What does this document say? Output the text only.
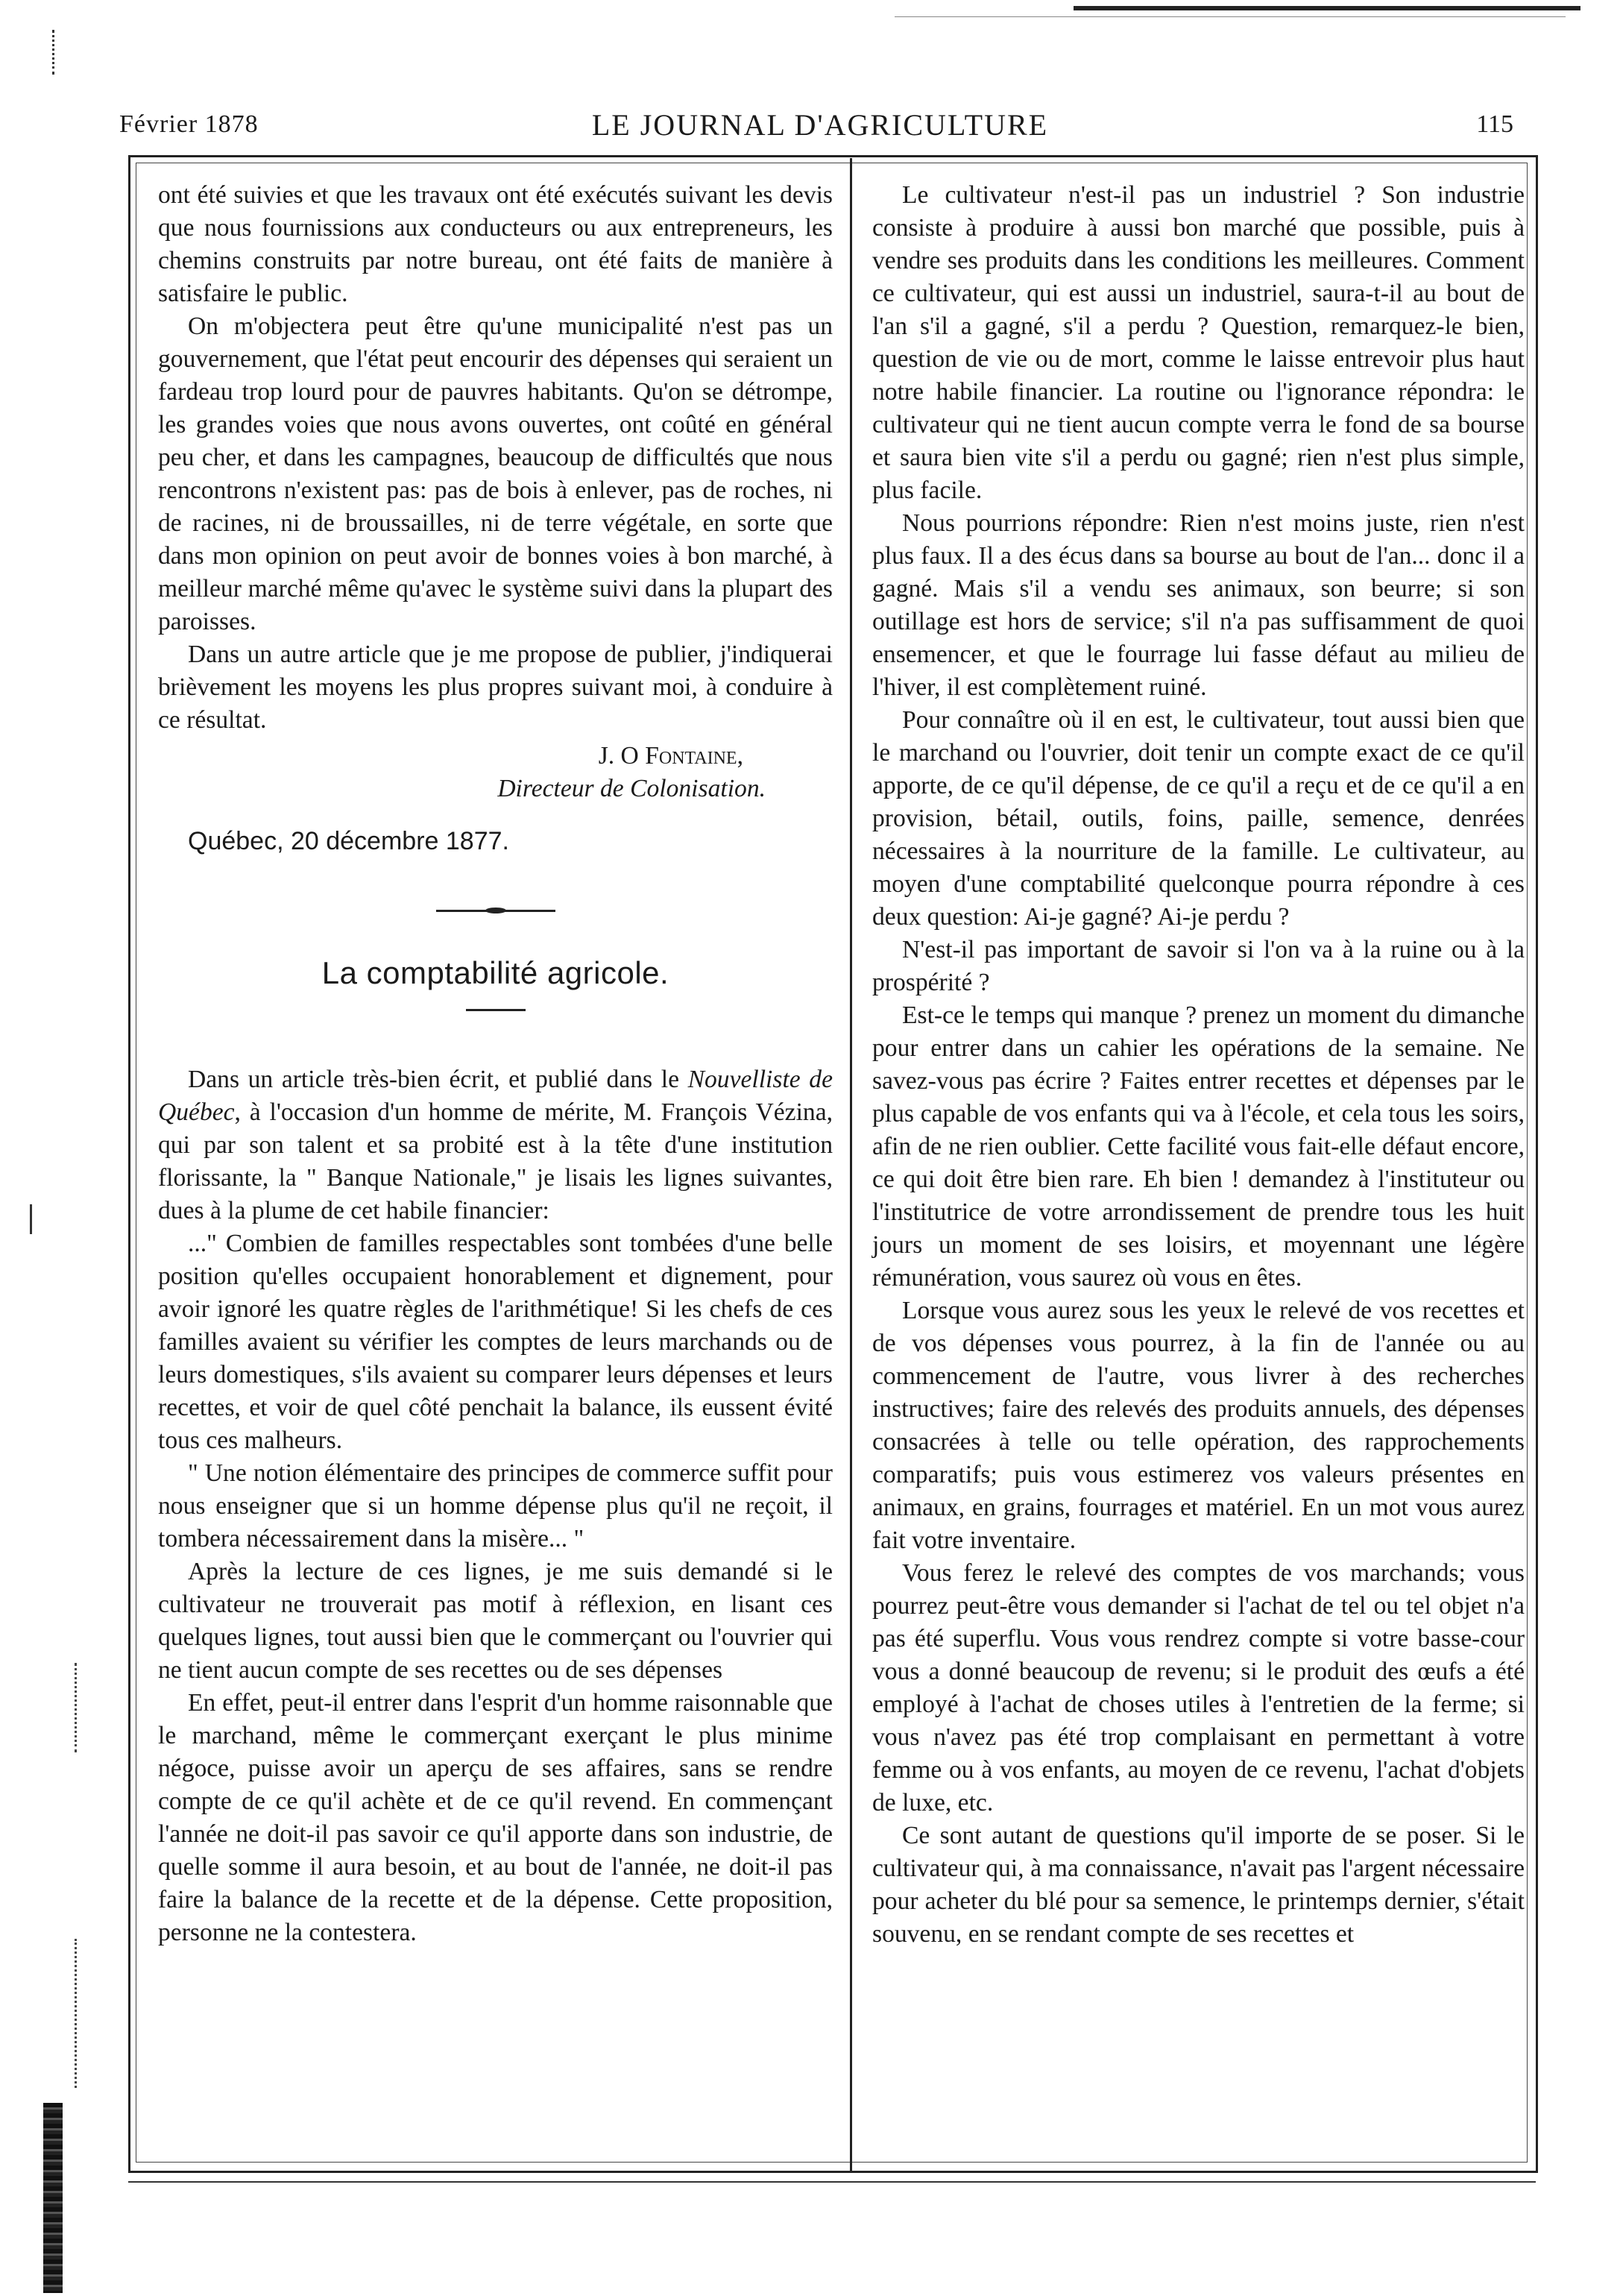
Février 1878	LE JOURNAL D'AGRICULTURE	115

ont été suivies et que les travaux ont été exécutés suivant les devis que nous fournissions aux conducteurs ou aux entrepreneurs, les chemins construits par notre bureau, ont été faits de manière à satisfaire le public.

On m'objectera peut être qu'une municipalité n'est pas un gouvernement, que l'état peut encourir des dépenses qui seraient un fardeau trop lourd pour de pauvres habitants. Qu'on se détrompe, les grandes voies que nous avons ouvertes, ont coûté en général peu cher, et dans les campagnes, beaucoup de difficultés que nous rencontrons n'existent pas: pas de bois à enlever, pas de roches, ni de racines, ni de broussailles, ni de terre végétale, en sorte que dans mon opinion on peut avoir de bonnes voies à bon marché, à meilleur marché même qu'avec le système suivi dans la plupart des paroisses.

Dans un autre article que je me propose de publier, j'indiquerai brièvement les moyens les plus propres suivant moi, à conduire à ce résultat.

J. O Fontaine,
Directeur de Colonisation.
Québec, 20 décembre 1877.
La comptabilité agricole.

Dans un article très-bien écrit, et publié dans le Nouvelliste de Québec, à l'occasion d'un homme de mérite, M. François Vézina, qui par son talent et sa probité est à la tête d'une institution florissante, la " Banque Nationale," je lisais les lignes suivantes, dues à la plume de cet habile financier:

..." Combien de familles respectables sont tombées d'une belle position qu'elles occupaient honorablement et dignement, pour avoir ignoré les quatre règles de l'arithmétique! Si les chefs de ces familles avaient su vérifier les comptes de leurs marchands ou de leurs domestiques, s'ils avaient su comparer leurs dépenses et leurs recettes, et voir de quel côté penchait la balance, ils eussent évité tous ces malheurs.

" Une notion élémentaire des principes de commerce suffit pour nous enseigner que si un homme dépense plus qu'il ne reçoit, il tombera nécessairement dans la misère... "

Après la lecture de ces lignes, je me suis demandé si le cultivateur ne trouverait pas motif à réflexion, en lisant ces quelques lignes, tout aussi bien que le commerçant ou l'ouvrier qui ne tient aucun compte de ses recettes ou de ses dépenses

En effet, peut-il entrer dans l'esprit d'un homme raisonnable que le marchand, même le commerçant exerçant le plus minime négoce, puisse avoir un aperçu de ses affaires, sans se rendre compte de ce qu'il achète et de ce qu'il revend. En commençant l'année ne doit-il pas savoir ce qu'il apporte dans son industrie, de quelle somme il aura besoin, et au bout de l'année, ne doit-il pas faire la balance de la recette et de la dépense. Cette proposition, personne ne la contestera.

Le cultivateur n'est-il pas un industriel ? Son industrie consiste à produire à aussi bon marché que possible, puis à vendre ses produits dans les conditions les meilleures. Comment ce cultivateur, qui est aussi un industriel, saura-t-il au bout de l'an s'il a gagné, s'il a perdu ? Question, remarquez-le bien, question de vie ou de mort, comme le laisse entrevoir plus haut notre habile financier. La routine ou l'ignorance répondra: le cultivateur qui ne tient aucun compte verra le fond de sa bourse et saura bien vite s'il a perdu ou gagné; rien n'est plus simple, plus facile.

Nous pourrions répondre: Rien n'est moins juste, rien n'est plus faux. Il a des écus dans sa bourse au bout de l'an... donc il a gagné. Mais s'il a vendu ses animaux, son beurre; si son outillage est hors de service; s'il n'a pas suffisamment de quoi ensemencer, et que le fourrage lui fasse défaut au milieu de l'hiver, il est complètement ruiné.

Pour connaître où il en est, le cultivateur, tout aussi bien que le marchand ou l'ouvrier, doit tenir un compte exact de ce qu'il apporte, de ce qu'il dépense, de ce qu'il a reçu et de ce qu'il a en provision, bétail, outils, foins, paille, semence, denrées nécessaires à la nourriture de la famille. Le cultivateur, au moyen d'une comptabilité quelconque pourra répondre à ces deux question: Ai-je gagné? Ai-je perdu ?

N'est-il pas important de savoir si l'on va à la ruine ou à la prospérité ?

Est-ce le temps qui manque ? prenez un moment du dimanche pour entrer dans un cahier les opérations de la semaine. Ne savez-vous pas écrire ? Faites entrer recettes et dépenses par le plus capable de vos enfants qui va à l'école, et cela tous les soirs, afin de ne rien oublier. Cette facilité vous fait-elle défaut encore, ce qui doit être bien rare. Eh bien ! demandez à l'instituteur ou l'institutrice de votre arrondissement de prendre tous les huit jours un moment de ses loisirs, et moyennant une légère rémunération, vous saurez où vous en êtes.

Lorsque vous aurez sous les yeux le relevé de vos recettes et de vos dépenses vous pourrez, à la fin de l'année ou au commencement de l'autre, vous livrer à des recherches instructives; faire des relevés des produits annuels, des dépenses consacrées à telle ou telle opération, des rapprochements comparatifs; puis vous estimerez vos valeurs présentes en animaux, en grains, fourrages et matériel. En un mot vous aurez fait votre inventaire.

Vous ferez le relevé des comptes de vos marchands; vous pourrez peut-être vous demander si l'achat de tel ou tel objet n'a pas été superflu. Vous vous rendrez compte si votre basse-cour vous a donné beaucoup de revenu; si le produit des œufs a été employé à l'achat de choses utiles à l'entretien de la ferme; si vous n'avez pas été trop complaisant en permettant à votre femme ou à vos enfants, au moyen de ce revenu, l'achat d'objets de luxe, etc.

Ce sont autant de questions qu'il importe de se poser. Si le cultivateur qui, à ma connaissance, n'avait pas l'argent nécessaire pour acheter du blé pour sa semence, le printemps dernier, s'était souvenu, en se rendant compte de ses recettes et
